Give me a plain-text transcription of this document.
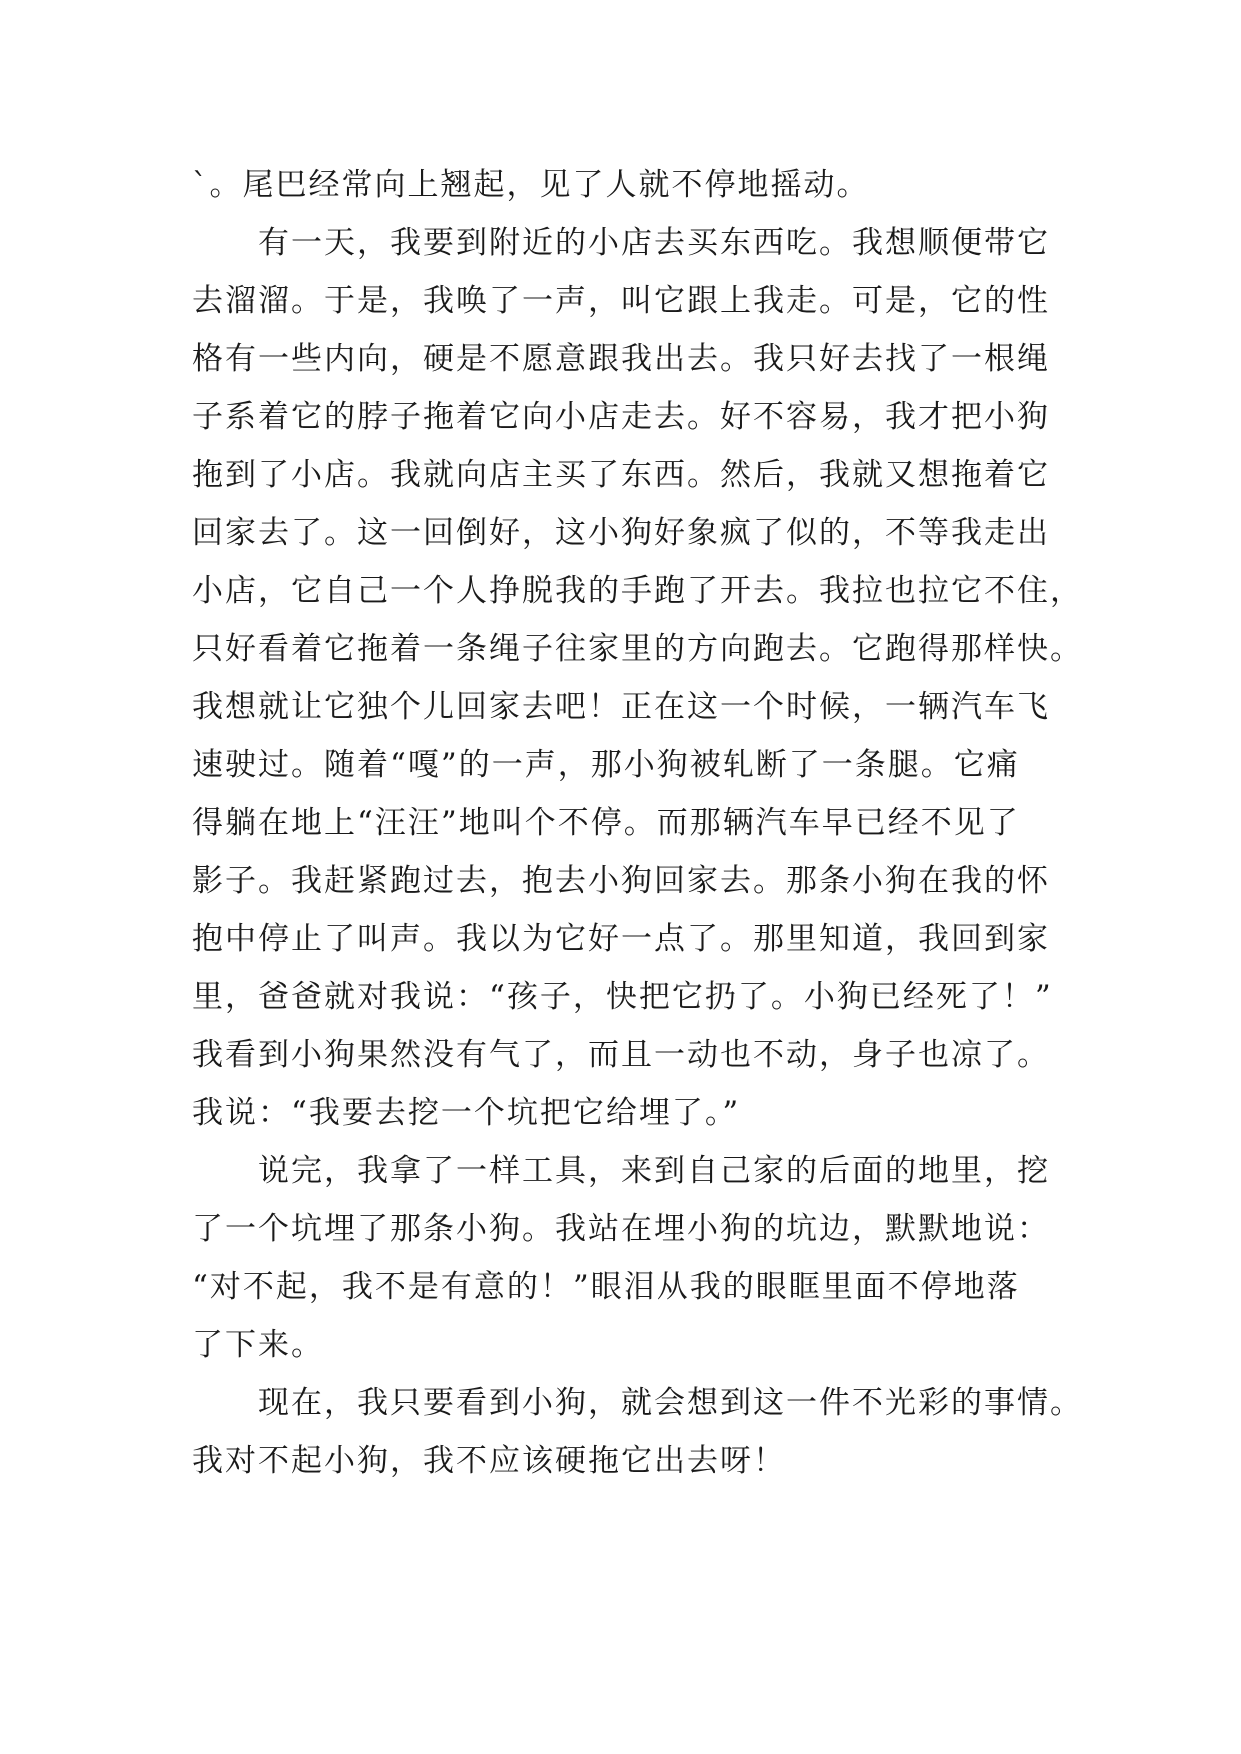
`。尾巴经常向上翘起，见了人就不停地摇动。
有一天，我要到附近的小店去买东西吃。我想顺便带它
去溜溜。于是，我唤了一声，叫它跟上我走。可是，它的性
格有一些内向，硬是不愿意跟我出去。我只好去找了一根绳
子系着它的脖子拖着它向小店走去。好不容易，我才把小狗
拖到了小店。我就向店主买了东西。然后，我就又想拖着它
回家去了。这一回倒好，这小狗好象疯了似的，不等我走出
小店，它自己一个人挣脱我的手跑了开去。我拉也拉它不住，
只好看着它拖着一条绳子往家里的方向跑去。它跑得那样快。
我想就让它独个儿回家去吧！正在这一个时候，一辆汽车飞
速驶过。随着“嘎”的一声，那小狗被轧断了一条腿。它痛
得躺在地上“汪汪”地叫个不停。而那辆汽车早已经不见了
影子。我赶紧跑过去，抱去小狗回家去。那条小狗在我的怀
抱中停止了叫声。我以为它好一点了。那里知道，我回到家
里，爸爸就对我说：“孩子，快把它扔了。小狗已经死了！”
我看到小狗果然没有气了，而且一动也不动，身子也凉了。
我说：“我要去挖一个坑把它给埋了。”
说完，我拿了一样工具，来到自己家的后面的地里，挖
了一个坑埋了那条小狗。我站在埋小狗的坑边，默默地说：
“对不起，我不是有意的！”眼泪从我的眼眶里面不停地落
了下来。
现在，我只要看到小狗，就会想到这一件不光彩的事情。
我对不起小狗，我不应该硬拖它出去呀！
